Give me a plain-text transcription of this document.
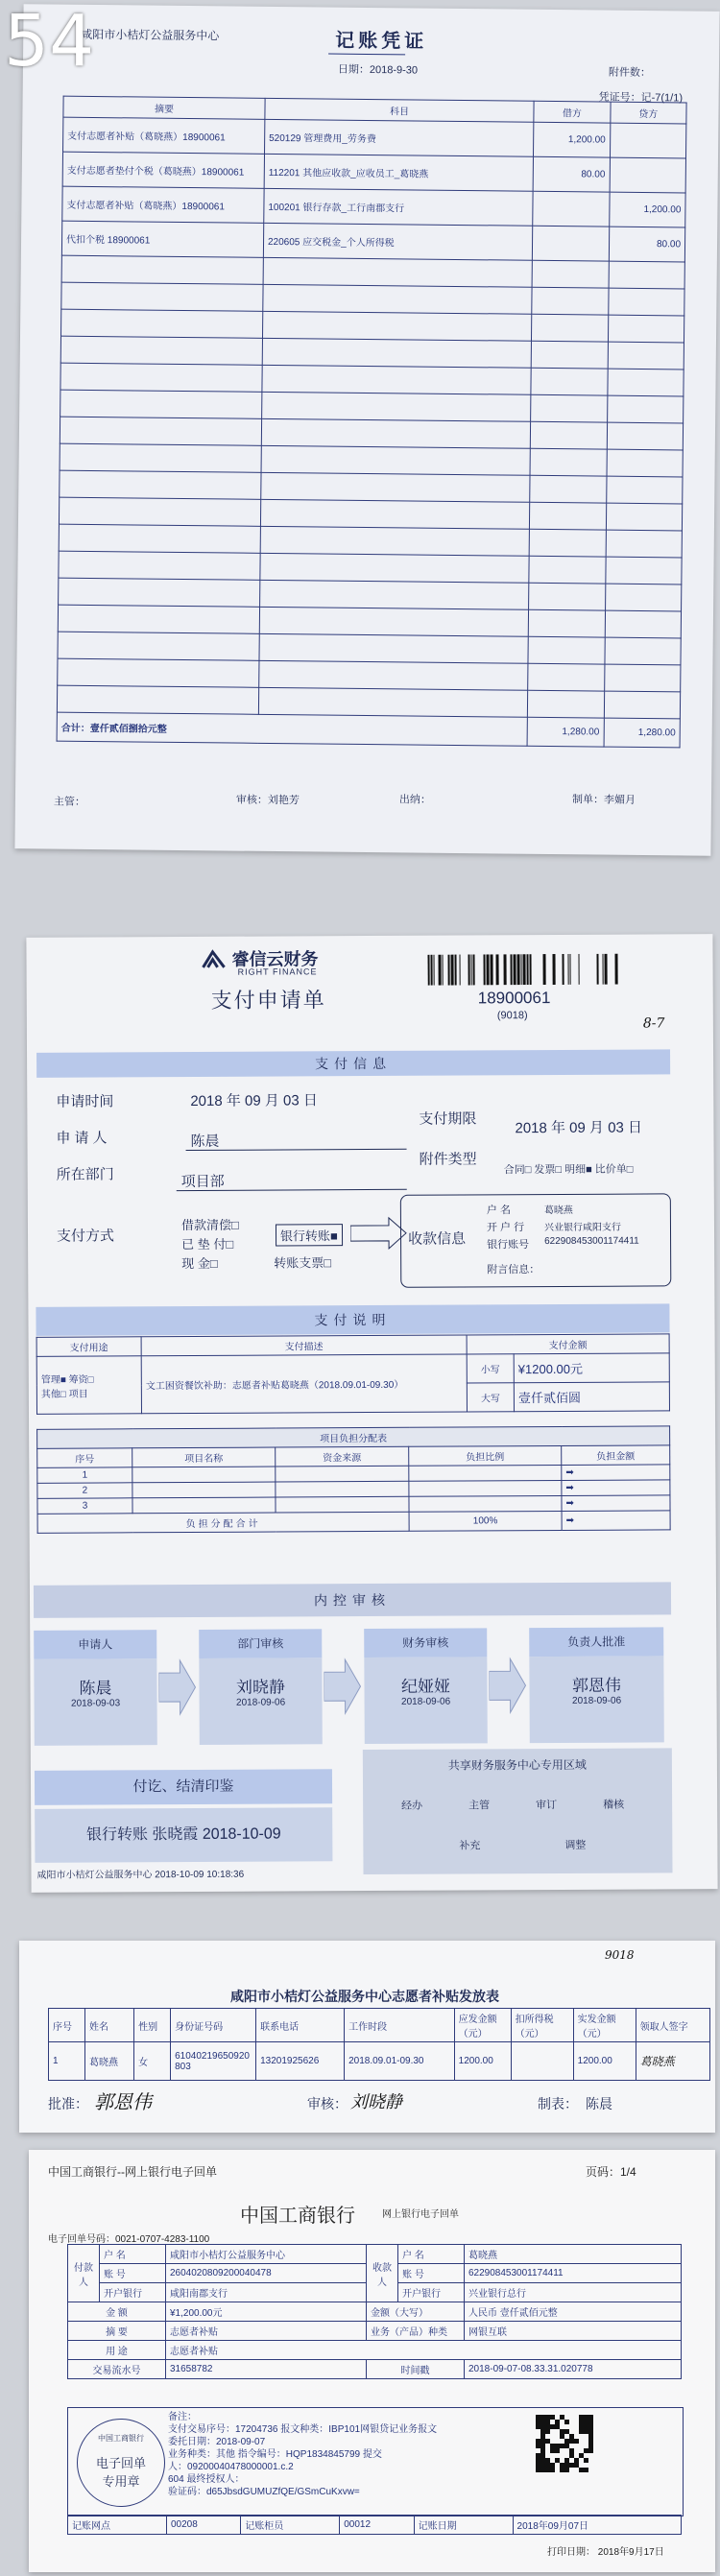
咸阳市小桔灯公益服务中心	记账凭证
日期：2018-9-30	附件数：
凭证号：记-7(1/1)
摘要	科目	借方	贷方
支付志愿者补贴（葛晓燕）18900061	520129 管理费用_劳务费	1,200.00	
支付志愿者垫付个税（葛晓燕）18900061	112201 其他应收款_应收员工_葛晓燕	80.00	
支付志愿者补贴（葛晓燕）18900061	100201 银行存款_工行南郡支行		1,200.00
代扣个税 18900061	220605 应交税金_个人所得税		80.00

合计：壹仟贰佰捌拾元整		1,280.00	1,280.00
主管：	审核：刘艳芳	出纳：	制单：李媚月
54
睿信云财务
RIGHT FINANCE
支付申请单	18900061
(9018)
8-7
支付信息
申请时间	2018 年 09 月 03 日
支付期限
2018 年 09 月 03 日
申请人	陈晨
附件类型
合同□ 发票□ 明细■ 比价单□
所在部门	项目部
支付方式
借款清偿□
已 垫 付□
现 金□
银行转账■
转账支票□
收款信息
户 名	葛晓燕
开 户 行 兴业银行咸阳支行
银行账号 622908453001174411
附言信息：
支付说明
支付用途	支付描述	支付金额	

管理■ 筹资□
其他□ 项目	文工困资餐饮补助：志愿者补贴葛晓燕（2018.09.01-09.30）	小写	¥1200.00元
		大写	壹仟贰佰圆
项目负担分配表				
序号	项目名称	资金来源	负担比例	负担金额
1				➡
2				➡
3				➡
负担分配合计			100%	➡
内控审核
申请人
陈晨
2018-09-03
部门审核
刘晓静
2018-09-06
财务审核
纪娅娅
2018-09-06
负责人批准
郭恩伟
2018-09-06
付讫、结清印鉴
银行转账 张晓霞 2018-10-09
共享财务服务中心专用区域
经办	主管	审订	稽核
补充	调整
咸阳市小桔灯公益服务中心 2018-10-09 10:18:36
9018
咸阳市小桔灯公益服务中心志愿者补贴发放表
序号	姓名	性别	身份证号码	联系电话	工作时段	应发金额（元）	扣所得税（元）	实发金额（元）	领取人签字
1	葛晓燕	女	61040219650920803	13201925626	2018.09.01-09.30	1200.00		1200.00	葛晓燕
批准： 郭恩伟	审核： 刘晓静	制表： 陈晨
中国工商银行--网上银行电子回单	页码：1/4
中国工商银行	网上银行电子回单
电子回单号码：0021-0707-4283-1100
付款人	户 名	咸阳市小桔灯公益服务中心	收款人	户 名	葛晓燕
	账 号	2604020809200040478		账 号	622908453001174411
	开户银行	咸阳南郡支行		开户银行	兴业银行总行
金 额		¥1,200.00元	金额（大写）		人民币 壹仟贰佰元整
摘 要		志愿者补贴	业务（产品）种类		网银互联
用 途		志愿者补贴			
交易流水号		31658782	时间戳		2018-09-07-08.33.31.020778
中国工商银行
电子回单
专用章
备注：
支付交易序号：17204736 报文种类：IBP101网银贷记业务报文
委托日期：2018-09-07
业务种类：其他 指令编号：HQP1834845799 提交
人：09200040478000001.c.2
604 最终授权人：
验证码：d65JbsdGUMUZfQE/GSmCuKxvw=
记账网点	00208	记账柜员	00012	记账日期	2018年09月07日
打印日期： 2018年9月17日
